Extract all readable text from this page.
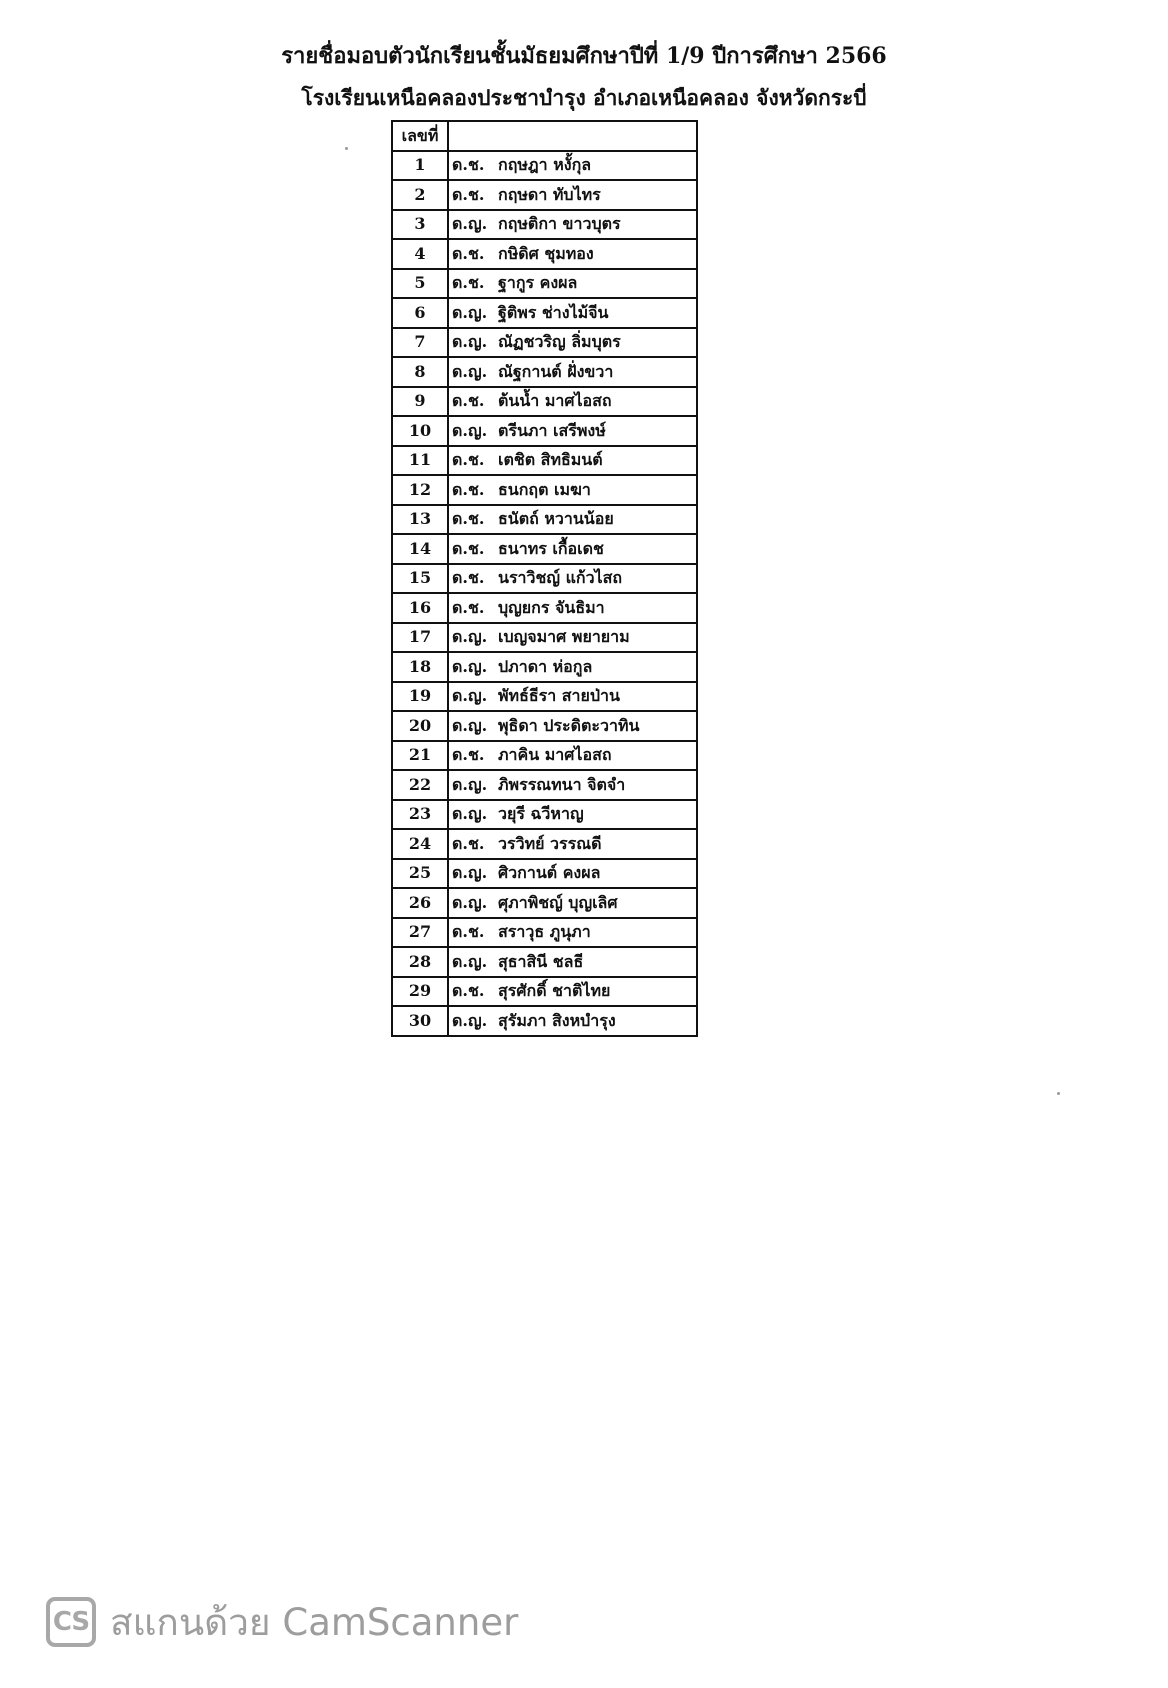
รายชื่อมอบตัวนักเรียนชั้นมัธยมศึกษาปีที่ 1/9 ปีการศึกษา 2566
โรงเรียนเหนือคลองประชาบำรุง อำเภอเหนือคลอง จังหวัดกระบี่
เลขที่	
1	ด.ช. กฤษฎา หงั้กุล
2	ด.ช. กฤษดา ทับไทร
3	ด.ญ. กฤษติกา ขาวบุตร
4	ด.ช. กษิดิศ ชุมทอง
5	ด.ช. ฐากูร คงผล
6	ด.ญ. ฐิติพร ช่างไม้จีน
7	ด.ญ. ณัฏชวริญ ลิ่มบุตร
8	ด.ญ. ณัฐกานต์ ฝั่งขวา
9	ด.ช. ต้นน้ำ มาศไอสถ
10	ด.ญ. ตรีนภา เสรีพงษ์
11	ด.ช. เตชิต สิทธิมนต์
12	ด.ช. ธนกฤต เมฆา
13	ด.ช. ธนัตถ์ หวานน้อย
14	ด.ช. ธนาทร เกื้อเดช
15	ด.ช. นราวิชญ์ แก้วไสถ
16	ด.ช. บุญยกร จันธิมา
17	ด.ญ. เบญจมาศ พยายาม
18	ด.ญ. ปภาดา ห่อกูล
19	ด.ญ. พัทธ์ธีรา สายป่าน
20	ด.ญ. พุธิดา ประดิตะวาทิน
21	ด.ช. ภาคิน มาศไอสถ
22	ด.ญ. ภิพรรณทนา จิตจำ
23	ด.ญ. วยุรี ฉวีหาญ
24	ด.ช. วรวิทย์ วรรณดี
25	ด.ญ. ศิวกานต์ คงผล
26	ด.ญ. ศุภาพิชญ์ บุญเลิศ
27	ด.ช. สราวุธ ภูนุภา
28	ด.ญ. สุธาสินี ชลธี
29	ด.ช. สุรศักดิ์ ชาติไทย
30	ด.ญ. สุรัมภา สิงหบำรุง
CS สแกนด้วย CamScanner
